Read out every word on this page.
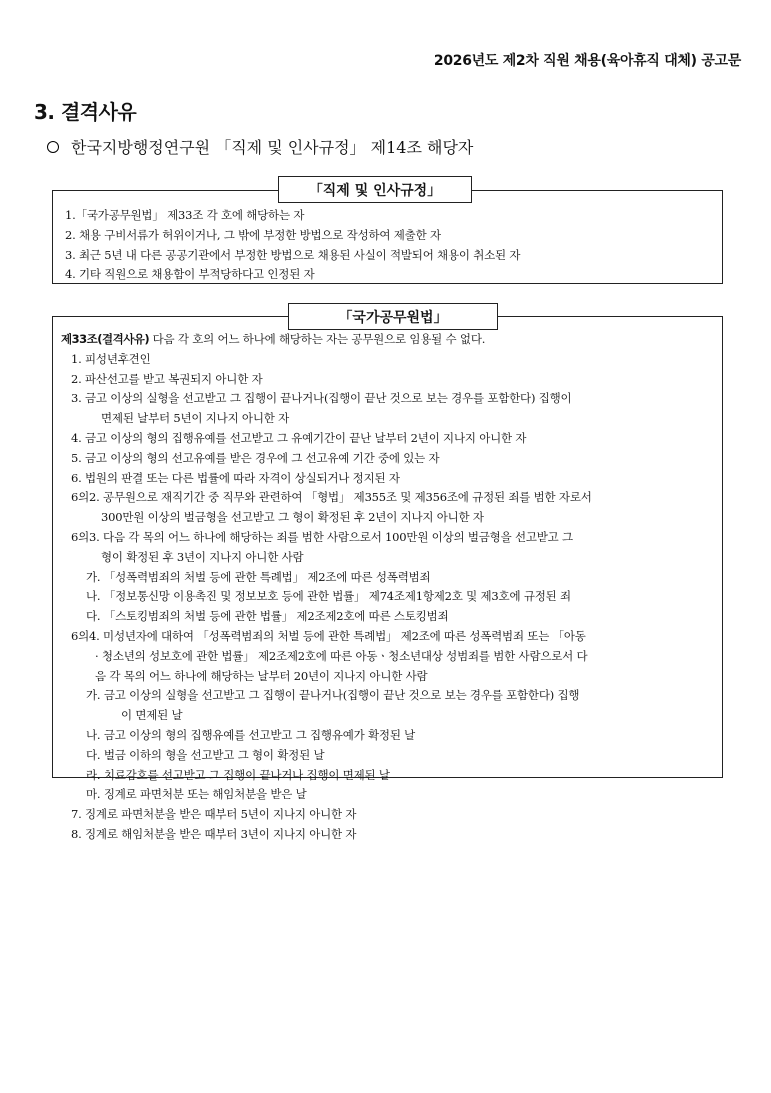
2026년도 제2차 직원 채용(육아휴직 대체) 공고문
3. 결격사유
한국지방행정연구원 「직제 및 인사규정」 제14조 해당자
「직제 및 인사규정」
1.「국가공무원법」 제33조 각 호에 해당하는 자
2. 채용 구비서류가 허위이거나, 그 밖에 부정한 방법으로 작성하여 제출한 자
3. 최근 5년 내 다른 공공기관에서 부정한 방법으로 채용된 사실이 적발되어 채용이 취소된 자
4. 기타 직원으로 채용함이 부적당하다고 인정된 자
「국가공무원법」
제33조(결격사유) 다음 각 호의 어느 하나에 해당하는 자는 공무원으로 임용될 수 없다.
1. 피성년후견인
2. 파산선고를 받고 복권되지 아니한 자
3. 금고 이상의 실형을 선고받고 그 집행이 끝나거나(집행이 끝난 것으로 보는 경우를 포함한다) 집행이
면제된 날부터 5년이 지나지 아니한 자
4. 금고 이상의 형의 집행유예를 선고받고 그 유예기간이 끝난 날부터 2년이 지나지 아니한 자
5. 금고 이상의 형의 선고유예를 받은 경우에 그 선고유예 기간 중에 있는 자
6. 법원의 판결 또는 다른 법률에 따라 자격이 상실되거나 정지된 자
6의2. 공무원으로 재직기간 중 직무와 관련하여 「형법」 제355조 및 제356조에 규정된 죄를 범한 자로서
300만원 이상의 벌금형을 선고받고 그 형이 확정된 후 2년이 지나지 아니한 자
6의3. 다음 각 목의 어느 하나에 해당하는 죄를 범한 사람으로서 100만원 이상의 벌금형을 선고받고 그
형이 확정된 후 3년이 지나지 아니한 사람
가. 「성폭력범죄의 처벌 등에 관한 특례법」 제2조에 따른 성폭력범죄
나. 「정보통신망 이용촉진 및 정보보호 등에 관한 법률」 제74조제1항제2호 및 제3호에 규정된 죄
다. 「스토킹범죄의 처벌 등에 관한 법률」 제2조제2호에 따른 스토킹범죄
6의4. 미성년자에 대하여 「성폭력범죄의 처벌 등에 관한 특례법」 제2조에 따른 성폭력범죄 또는 「아동
· 청소년의 성보호에 관한 법률」 제2조제2호에 따른 아동ㆍ청소년대상 성범죄를 범한 사람으로서 다
음 각 목의 어느 하나에 해당하는 날부터 20년이 지나지 아니한 사람
가. 금고 이상의 실형을 선고받고 그 집행이 끝나거나(집행이 끝난 것으로 보는 경우를 포함한다) 집행
이 면제된 날
나. 금고 이상의 형의 집행유예를 선고받고 그 집행유예가 확정된 날
다. 벌금 이하의 형을 선고받고 그 형이 확정된 날
라. 치료감호를 선고받고 그 집행이 끝나거나 집행이 면제된 날
마. 징계로 파면처분 또는 해임처분을 받은 날
7. 징계로 파면처분을 받은 때부터 5년이 지나지 아니한 자
8. 징계로 해임처분을 받은 때부터 3년이 지나지 아니한 자
